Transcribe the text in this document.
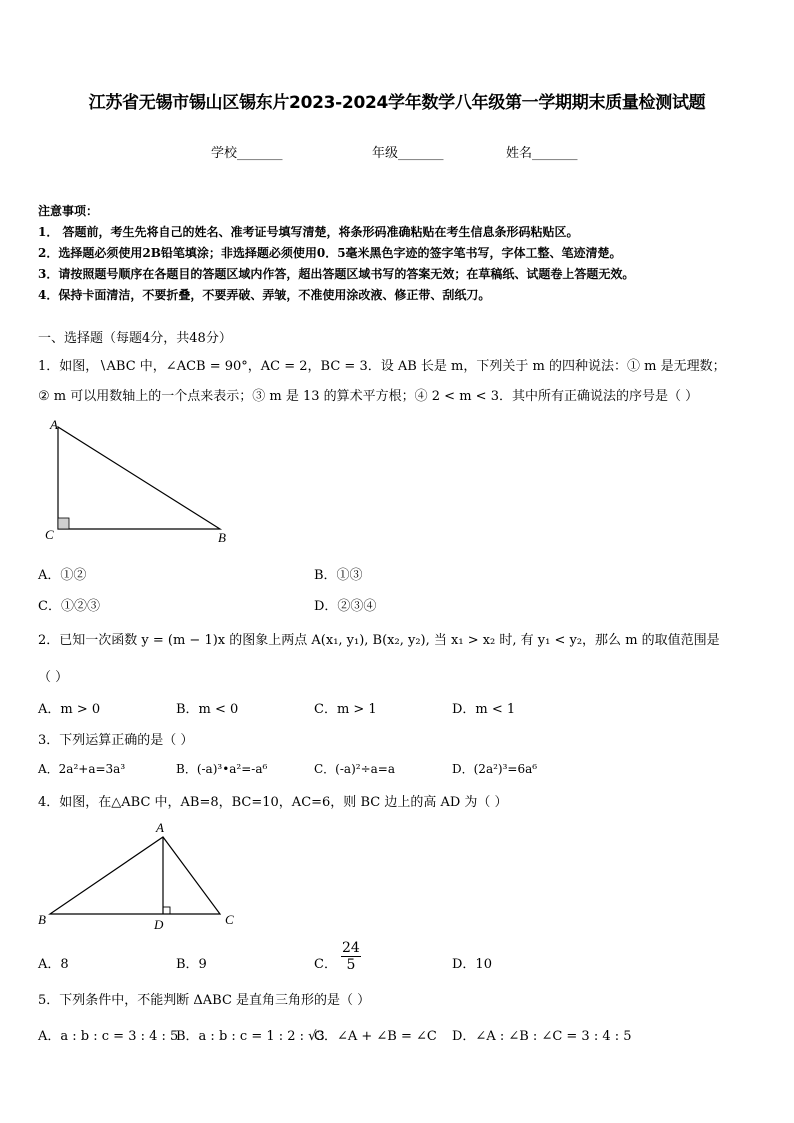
江苏省无锡市锡山区锡东片2023-2024学年数学八年级第一学期期末质量检测试题
学校_______	年级_______	姓名_______
注意事项：
1． 答题前，考生先将自己的姓名、准考证号填写清楚，将条形码准确粘贴在考生信息条形码粘贴区。
2．选择题必须使用2B铅笔填涂；非选择题必须使用0．5毫米黑色字迹的签字笔书写，字体工整、笔迹清楚。
3．请按照题号顺序在各题目的答题区域内作答，超出答题区域书写的答案无效；在草稿纸、试题卷上答题无效。
4．保持卡面清洁，不要折叠，不要弄破、弄皱，不准使用涂改液、修正带、刮纸刀。
一、选择题（每题4分，共48分）
1．如图，∖ABC 中，∠ACB = 90°，AC = 2，BC = 3．设 AB 长是 m，下列关于 m 的四种说法：① m 是无理数；
② m 可以用数轴上的一个点来表示；③ m 是 13 的算术平方根；④ 2 < m < 3．其中所有正确说法的序号是（ ）
A
C	B
A．①②	B．①③
C．①②③	D．②③④
2．已知一次函数 y = (m − 1)x 的图象上两点 A(x₁, y₁), B(x₂, y₂), 当 x₁ > x₂ 时, 有 y₁ < y₂，那么 m 的取值范围是
（ ）
A．m > 0	B．m < 0	C．m > 1	D．m < 1
3．下列运算正确的是（ ）
A．2a²+a=3a³	B．(-a)³•a²=-a⁶	C．(-a)²÷a=a	D．(2a²)³=6a⁶
4．如图，在△ABC 中，AB=8，BC=10，AC=6，则 BC 边上的高 AD 为（ ）
A
B	C
D
A．8	B．9	C． $\frac{24}{5}$	D．10
5．下列条件中，不能判断 ΔABC 是直角三角形的是（ ）
A．a : b : c = 3 : 4 : 5
B．a : b : c = 1 : 2 : √3
C．∠A + ∠B = ∠C D．∠A : ∠B : ∠C = 3 : 4 : 5
